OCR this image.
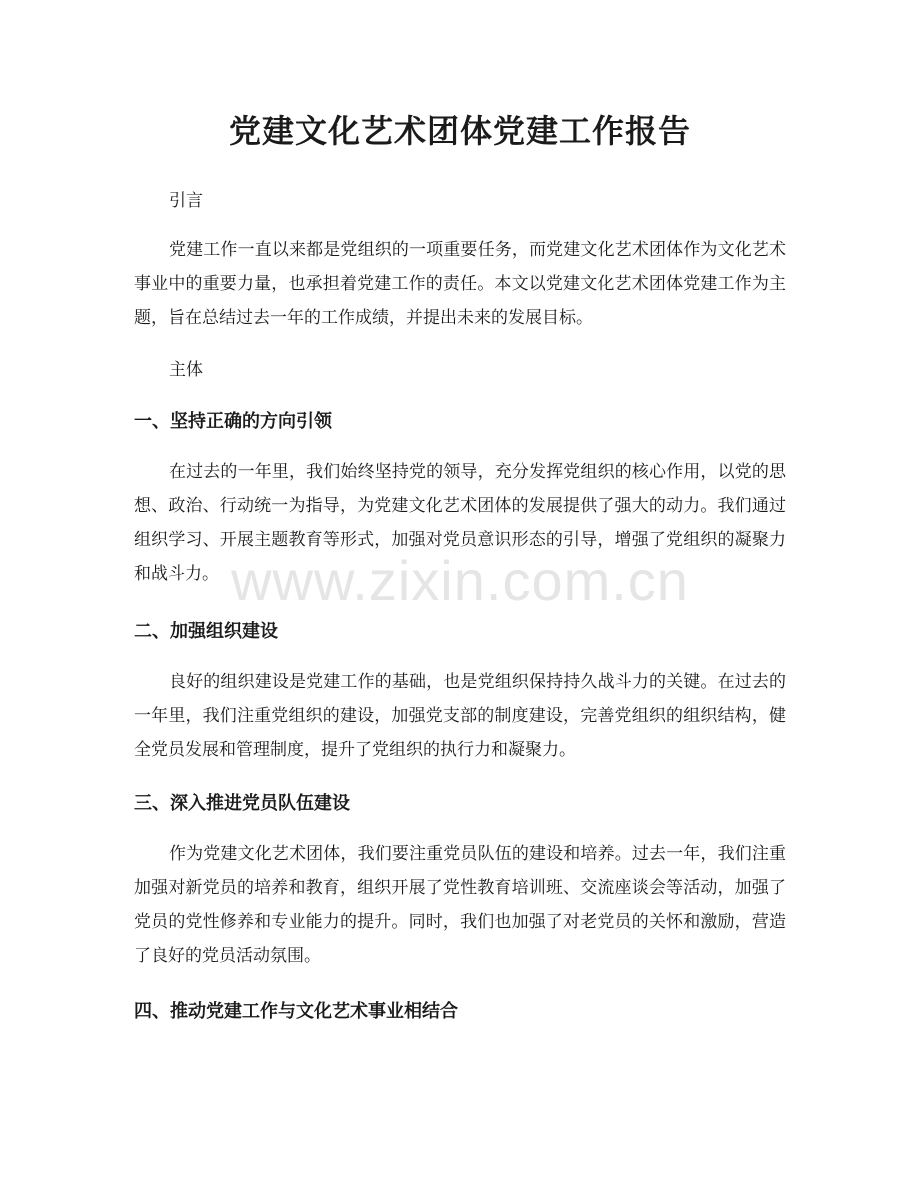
党建文化艺术团体党建工作报告

引言

党建工作一直以来都是党组织的一项重要任务，而党建文化艺术团体作为文化艺术事业中的重要力量，也承担着党建工作的责任。本文以党建文化艺术团体党建工作为主题，旨在总结过去一年的工作成绩，并提出未来的发展目标。

主体

一、坚持正确的方向引领

在过去的一年里，我们始终坚持党的领导，充分发挥党组织的核心作用，以党的思想、政治、行动统一为指导，为党建文化艺术团体的发展提供了强大的动力。我们通过组织学习、开展主题教育等形式，加强对党员意识形态的引导，增强了党组织的凝聚力和战斗力。

二、加强组织建设

良好的组织建设是党建工作的基础，也是党组织保持持久战斗力的关键。在过去的一年里，我们注重党组织的建设，加强党支部的制度建设，完善党组织的组织结构，健全党员发展和管理制度，提升了党组织的执行力和凝聚力。

三、深入推进党员队伍建设

作为党建文化艺术团体，我们要注重党员队伍的建设和培养。过去一年，我们注重加强对新党员的培养和教育，组织开展了党性教育培训班、交流座谈会等活动，加强了党员的党性修养和专业能力的提升。同时，我们也加强了对老党员的关怀和激励，营造了良好的党员活动氛围。

四、推动党建工作与文化艺术事业相结合
www.zixin.com.cn
